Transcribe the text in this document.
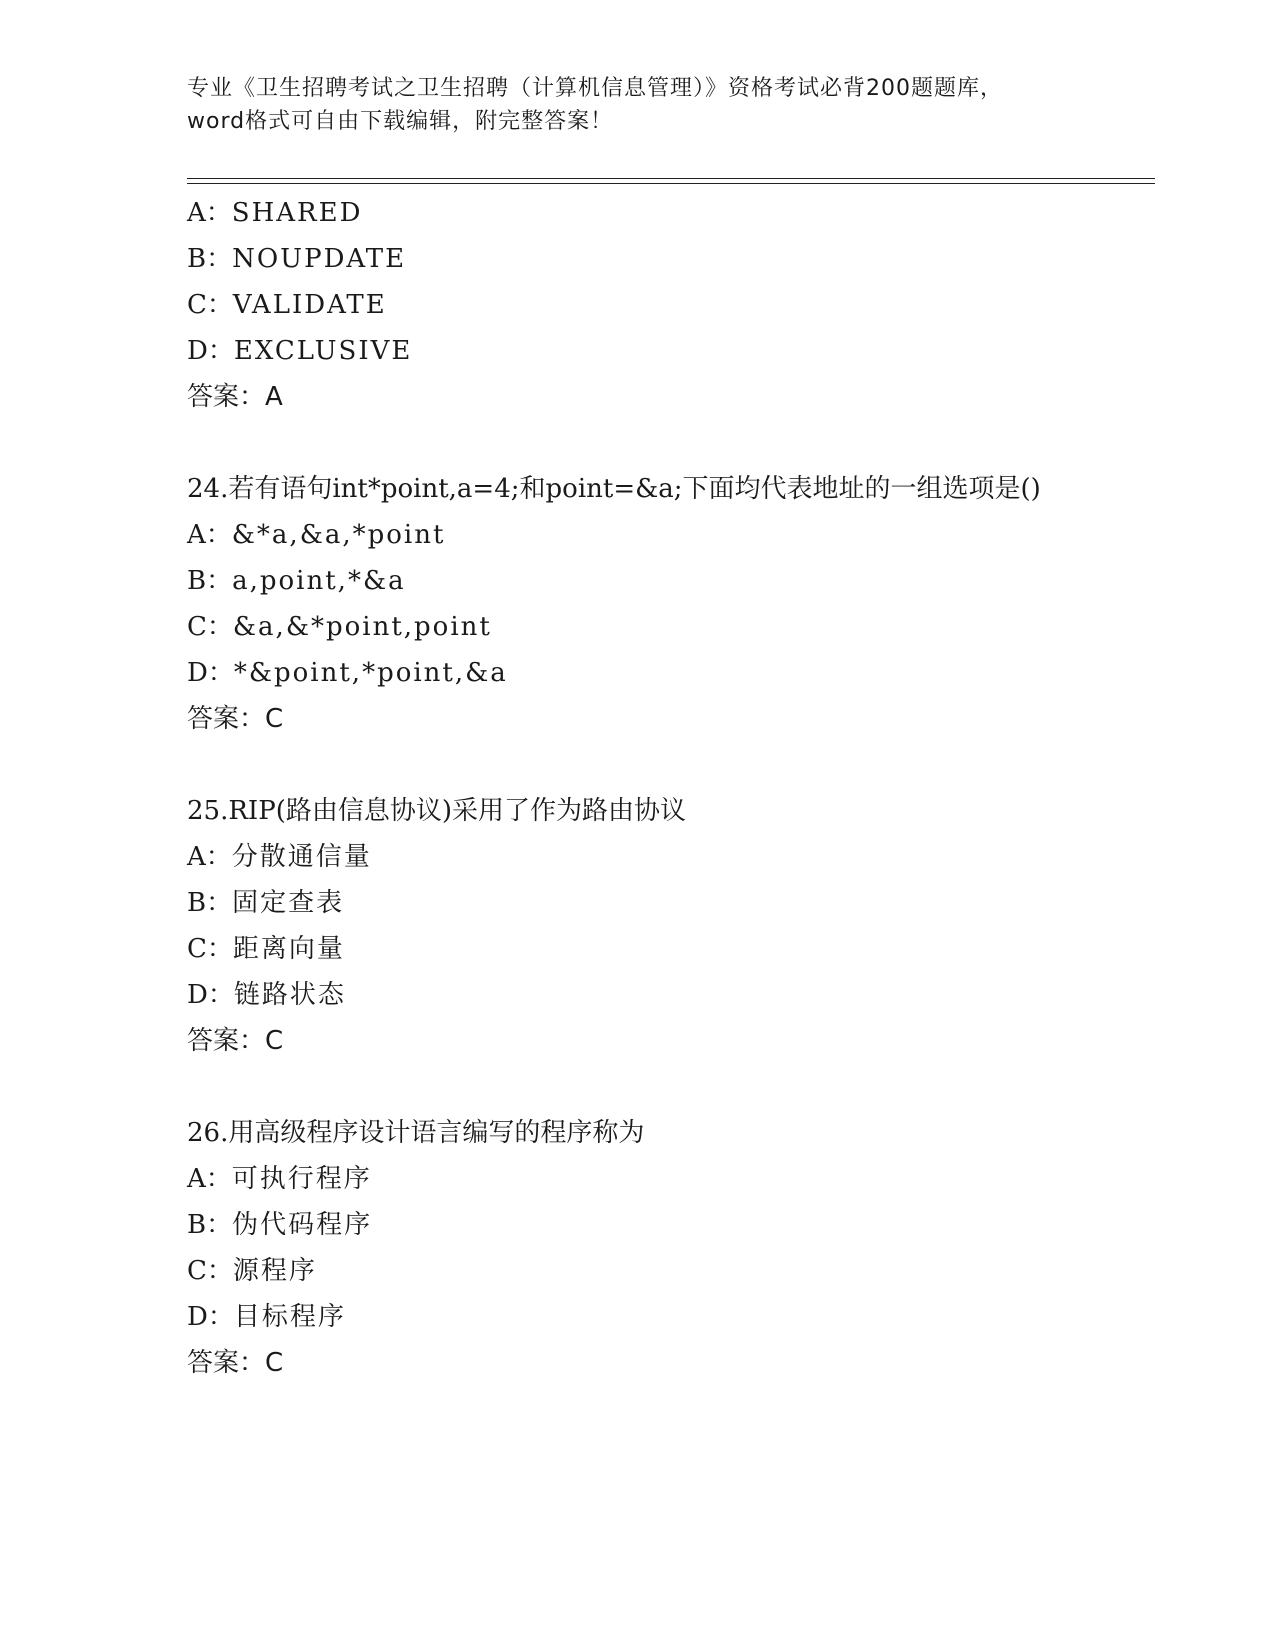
专业《卫生招聘考试之卫生招聘（计算机信息管理）》资格考试必背200题题库，
word格式可自由下载编辑，附完整答案！
A：SHARED
B：NOUPDATE
C：VALIDATE
D：EXCLUSIVE
答案：A
24.若有语句int*point,a=4;和point=&a;下面均代表地址的一组选项是()
A：&*a,&a,*point
B：a,point,*&a
C：&a,&*point,point
D：*&point,*point,&a
答案：C
25.RIP(路由信息协议)采用了作为路由协议
A：分散通信量
B：固定查表
C：距离向量
D：链路状态
答案：C
26.用高级程序设计语言编写的程序称为
A：可执行程序
B：伪代码程序
C：源程序
D：目标程序
答案：C
